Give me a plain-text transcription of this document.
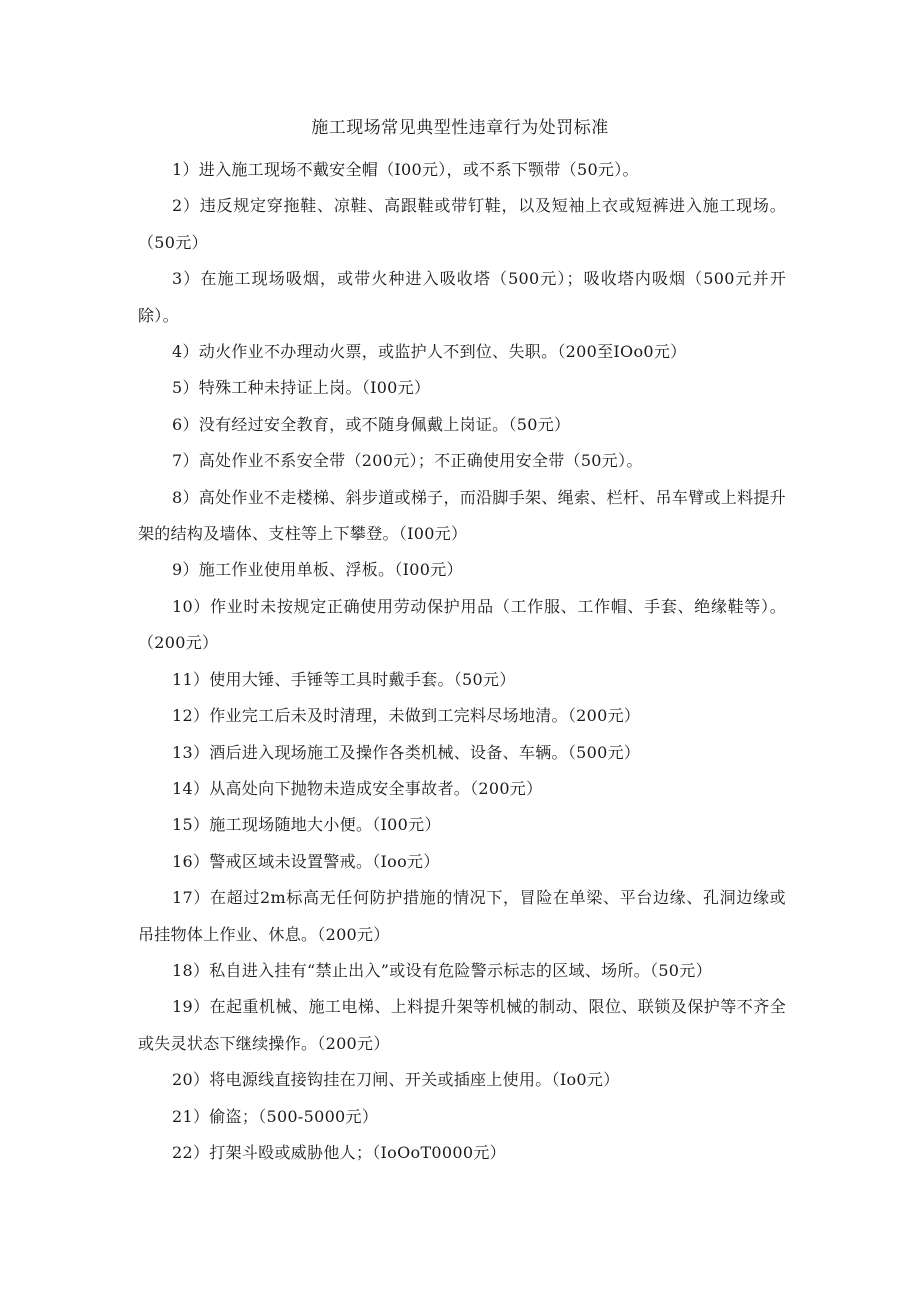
施工现场常见典型性违章行为处罚标准
1）进入施工现场不戴安全帽（I00元），或不系下颚带（50元）。
2）违反规定穿拖鞋、凉鞋、高跟鞋或带钉鞋，以及短袖上衣或短裤进入施工现场。（50元）
3）在施工现场吸烟，或带火种进入吸收塔（500元）；吸收塔内吸烟（500元并开除）。
4）动火作业不办理动火票，或监护人不到位、失职。（200至IOo0元）
5）特殊工种未持证上岗。（I00元）
6）没有经过安全教育，或不随身佩戴上岗证。（50元）
7）高处作业不系安全带（200元）；不正确使用安全带（50元）。
8）高处作业不走楼梯、斜步道或梯子，而沿脚手架、绳索、栏杆、吊车臂或上料提升架的结构及墙体、支柱等上下攀登。（I00元）
9）施工作业使用单板、浮板。（I00元）
10）作业时未按规定正确使用劳动保护用品（工作服、工作帽、手套、绝缘鞋等）。（200元）
11）使用大锤、手锤等工具时戴手套。（50元）
12）作业完工后未及时清理，未做到工完料尽场地清。（200元）
13）酒后进入现场施工及操作各类机械、设备、车辆。（500元）
14）从高处向下抛物未造成安全事故者。（200元）
15）施工现场随地大小便。（I00元）
16）警戒区域未设置警戒。（Ioo元）
17）在超过2m标高无任何防护措施的情况下，冒险在单梁、平台边缘、孔洞边缘或吊挂物体上作业、休息。（200元）
18）私自进入挂有“禁止出入”或设有危险警示标志的区域、场所。（50元）
19）在起重机械、施工电梯、上料提升架等机械的制动、限位、联锁及保护等不齐全或失灵状态下继续操作。（200元）
20）将电源线直接钩挂在刀闸、开关或插座上使用。（Io0元）
21）偷盗；（500-5000元）
22）打架斗殴或威胁他人；（IoOoT0000元）
